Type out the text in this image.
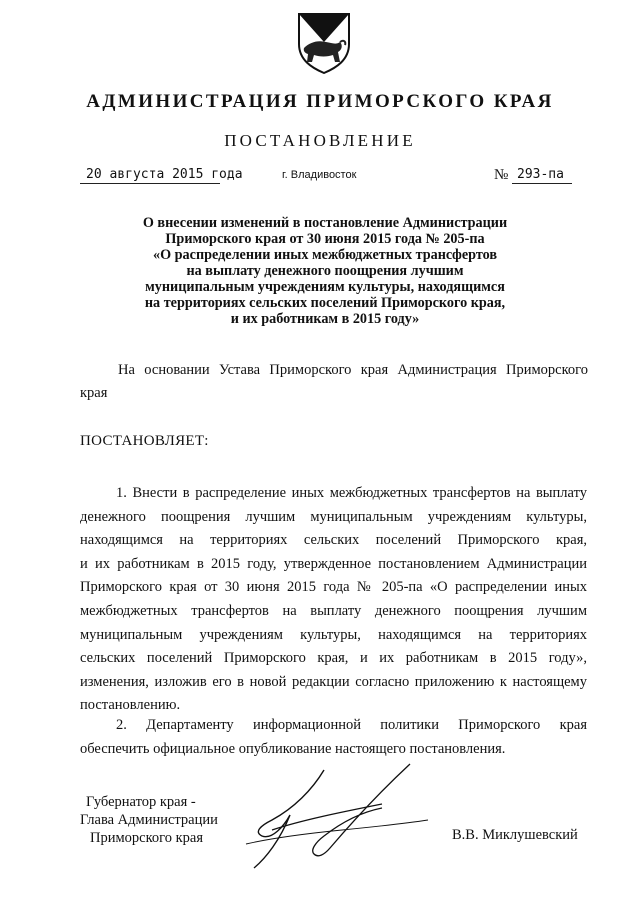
АДМИНИСТРАЦИЯ ПРИМОРСКОГО КРАЯ
ПОСТАНОВЛЕНИЕ
20 августа 2015 года	г. Владивосток	№ 293-па
О внесении изменений в постановление Администрации
Приморского края от 30 июня 2015 года № 205-па
«О распределении иных межбюджетных трансфертов
на выплату денежного поощрения лучшим
муниципальным учреждениям культуры, находящимся
на территориях сельских поселений Приморского края,
и их работникам в 2015 году»
На основании Устава Приморского края Администрация Приморского
края
ПОСТАНОВЛЯЕТ:
1. Внести в распределение иных межбюджетных трансфертов на выплату
денежного поощрения лучшим муниципальным учреждениям культуры,
находящимся на территориях сельских поселений Приморского края,
и их работникам в 2015 году, утвержденное постановлением Администрации
Приморского края от 30 июня 2015 года № 205-па «О распределении иных
межбюджетных трансфертов на выплату денежного поощрения лучшим
муниципальным учреждениям культуры, находящимся на территориях
сельских поселений Приморского края, и их работникам в 2015 году»,
изменения, изложив его в новой редакции согласно приложению к настоящему
постановлению.
2. Департаменту информационной политики Приморского края
обеспечить официальное опубликование настоящего постановления.
Губернатор края -
Глава Администрации
Приморского края	В.В. Миклушевский
